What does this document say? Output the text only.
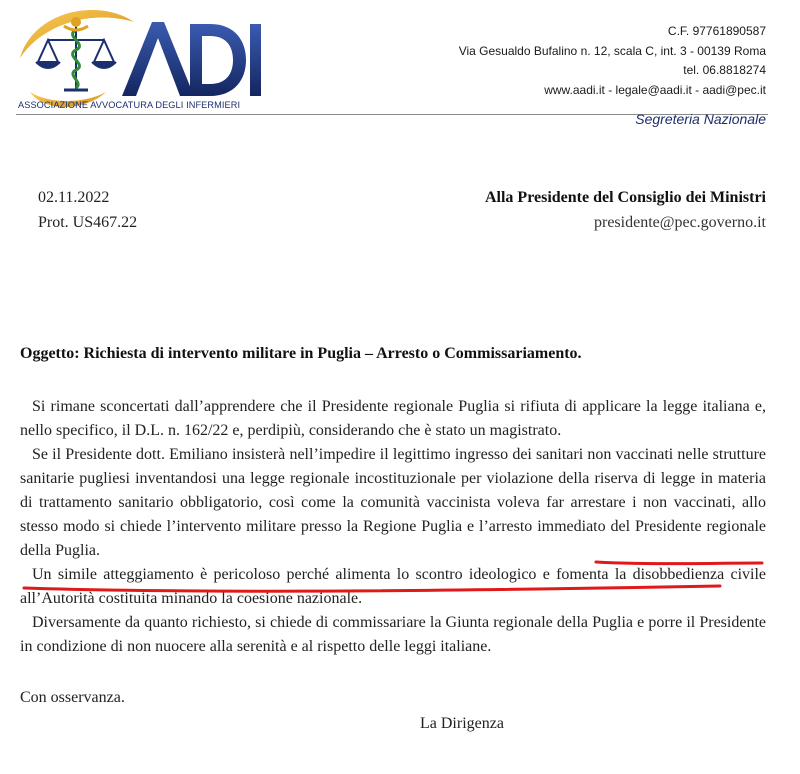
ASSOCIAZIONE AVVOCATURA DEGLI INFERMIERI
C.F. 97761890587
Via Gesualdo Bufalino n. 12, scala C, int. 3 - 00139 Roma
tel. 06.8818274
www.aadi.it - legale@aadi.it - aadi@pec.it
Segreteria Nazionale
02.11.2022
Prot. US467.22
Alla Presidente del Consiglio dei Ministri
presidente@pec.governo.it
Oggetto: Richiesta di intervento militare in Puglia – Arresto o Commissariamento.

Si rimane sconcertati dall’apprendere che il Presidente regionale Puglia si rifiuta di applicare la legge italiana e, nello specifico, il D.L. n. 162/22 e, perdipiù, considerando che è stato un magistrato.

Se il Presidente dott. Emiliano insisterà nell’impedire il legittimo ingresso dei sanitari non vaccinati nelle strutture sanitarie pugliesi inventandosi una legge regionale incostituzionale per violazione della riserva di legge in materia di trattamento sanitario obbligatorio, così come la comunità vaccinista voleva far arrestare i non vaccinati, allo stesso modo si chiede l’intervento militare presso la Regione Puglia e l’arresto immediato del Presidente regionale della Puglia.

Un simile atteggiamento è pericoloso perché alimenta lo scontro ideologico e fomenta la disobbedienza civile all’Autorità costituita minando la coesione nazionale.

Diversamente da quanto richiesto, si chiede di commissariare la Giunta regionale della Puglia e porre il Presidente in condizione di non nuocere alla serenità e al rispetto delle leggi italiane.

Con osservanza.
La Dirigenza
